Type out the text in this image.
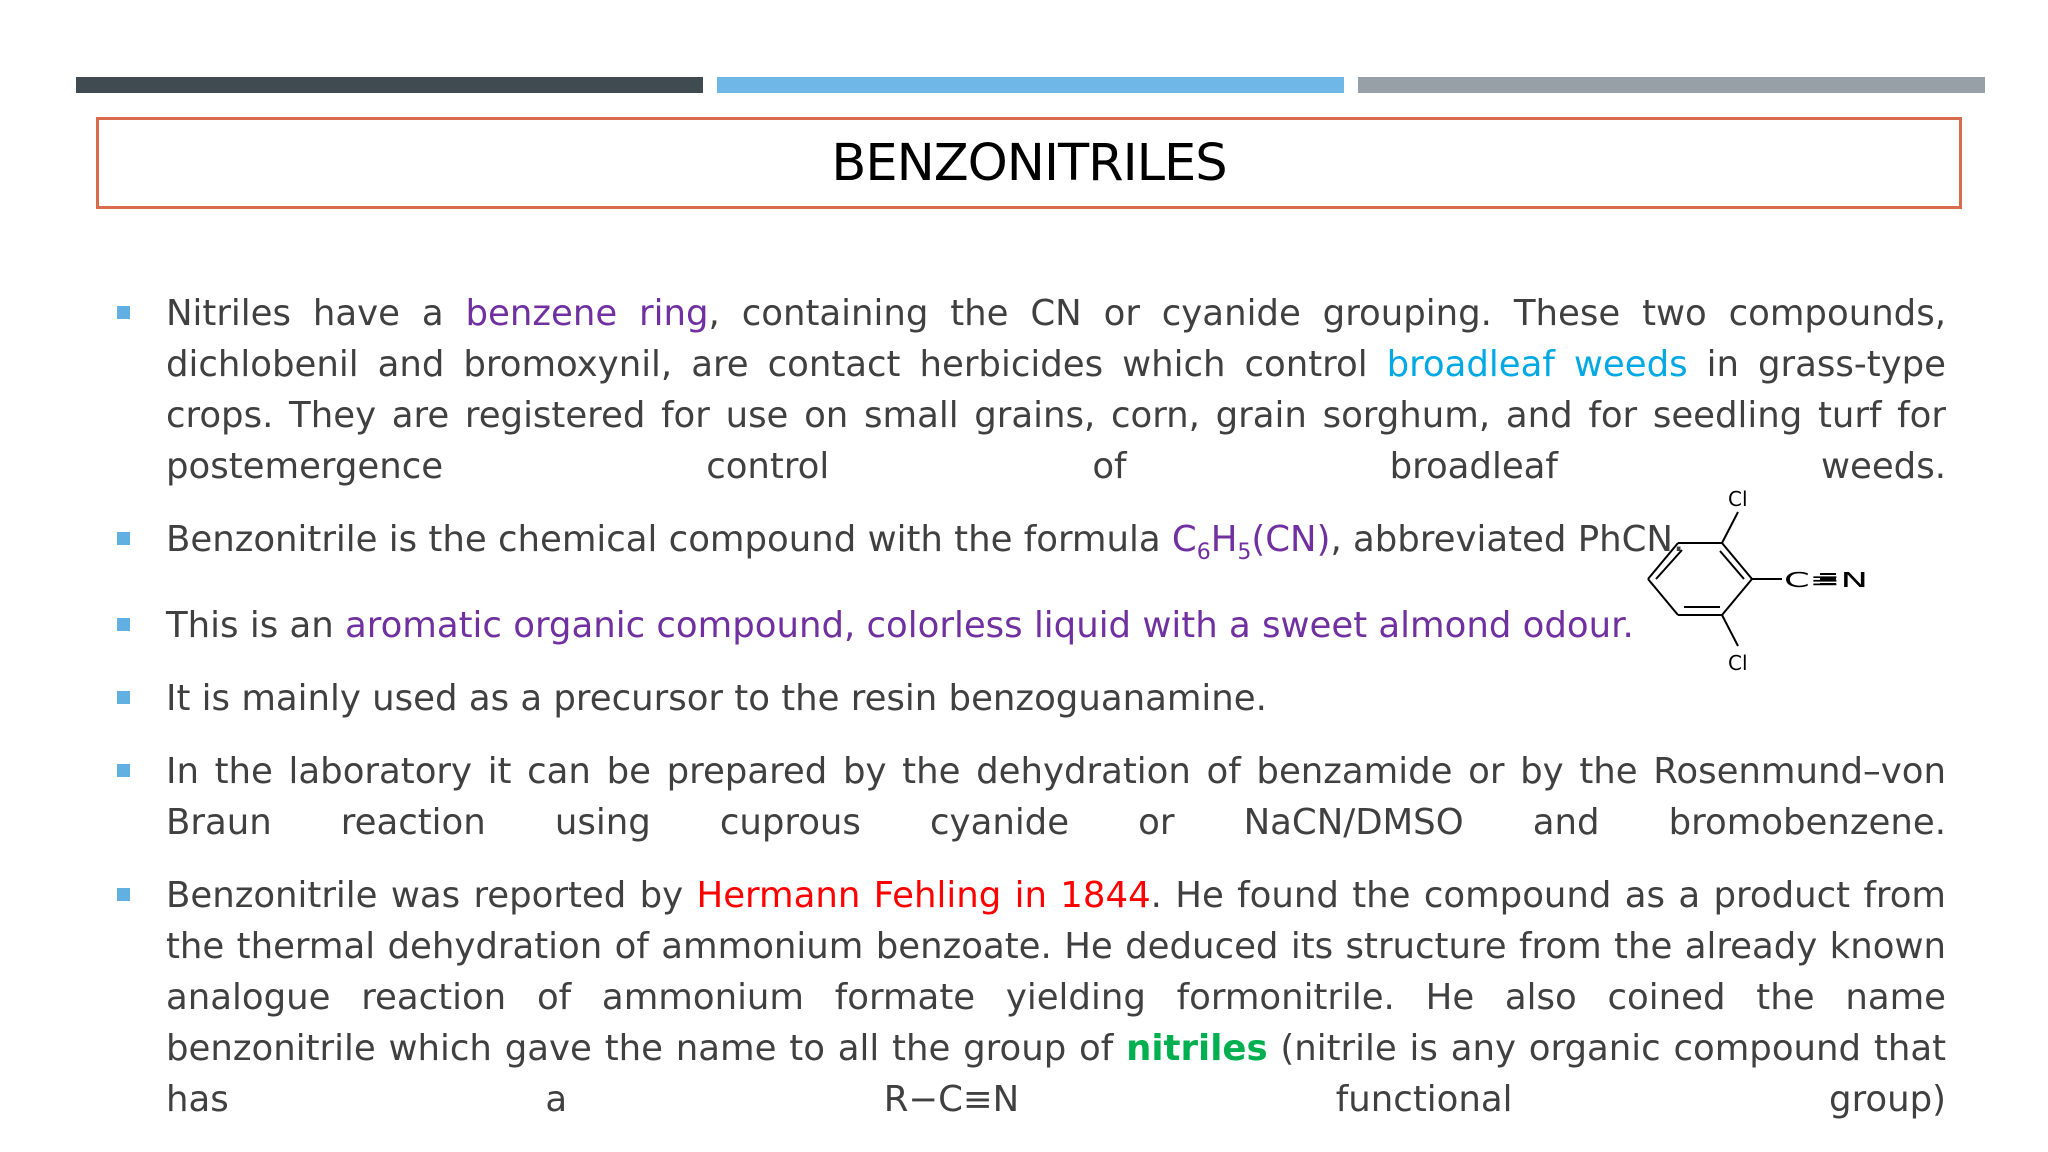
BENZONITRILES
Nitriles have a benzene ring, containing the CN or cyanide grouping. These two compounds, dichlobenil and bromoxynil, are contact herbicides which control broadleaf weeds in grass-type crops. They are registered for use on small grains, corn, grain sorghum, and for seedling turf for postemergence control of broadleaf weeds.
Benzonitrile is the chemical compound with the formula $C_6H_5(CN)$, abbreviated PhCN.
This is an aromatic organic compound, colorless liquid with a sweet almond odour.
It is mainly used as a precursor to the resin benzoguanamine.
In the laboratory it can be prepared by the dehydration of benzamide or by the Rosenmund–von Braun reaction using cuprous cyanide or NaCN/DMSO and bromobenzene.
Benzonitrile was reported by Hermann Fehling in 1844. He found the compound as a product from the thermal dehydration of ammonium benzoate. He deduced its structure from the already known analogue reaction of ammonium formate yielding formonitrile. He also coined the name benzonitrile which gave the name to all the group of nitriles (nitrile is any organic compound that has a R−C≡N functional group)
Cl
Cl
C≡N
